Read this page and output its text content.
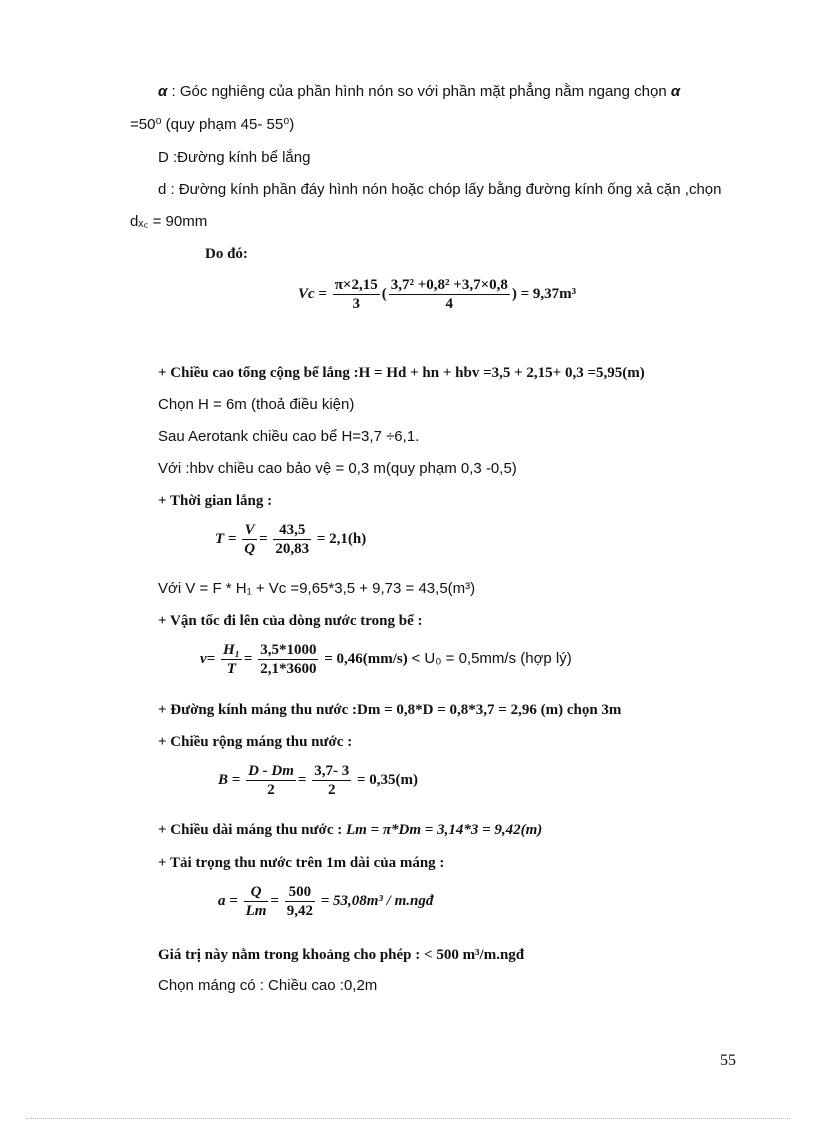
α : Góc nghiêng của phần hình nón so với phần mặt phẳng nằm ngang chọn α
=50⁰ (quy phạm 45- 55⁰)
D :Đường kính bể lắng
d : Đường kính phần đáy hình nón hoặc chóp lấy bằng đường kính ống xả cặn ,chọn
dₓ꜀ = 90mm
Do đó:
$Vc = \frac{\pi\times 2,15}{3}$ ( $\frac{\text{3,7² +0,8² +3,7×0,8}}{4}$ ) = 9,37m³
+ Chiều cao tổng cộng bể lắng :H = Hd + hn + hbv =3,5 + 2,15+ 0,3 =5,95(m)
Chọn H = 6m (thoả điều kiện)
Sau Aerotank chiều cao bể H=3,7 ÷6,1.
Với :hbv chiều cao bảo vệ = 0,3 m(quy phạm 0,3 -0,5)
+ Thời gian lắng :
$T = \frac{V}{Q} = \frac{43,5}{20,83} = 2,1(h)$
Với V = F * H₁ + Vc =9,65*3,5 + 9,73 = 43,5(m³)
+ Vận tốc đi lên của dòng nước trong bể :
$v= \frac{\text{H₁}}{T} = \frac{3,5*1000}{2,1*3600} = 0,46(mm/s) < U_0 = 0,5mm/s$ (hợp lý)
+ Đường kính máng thu nước :Dm = 0,8*D = 0,8*3,7 = 2,96 (m) chọn 3m
+ Chiều rộng máng thu nước :
$B = \frac{D - Dm}{2} = \frac{3,7- 3}{2} = 0,35(m)$
+ Chiều dài máng thu nước : Lm = π*Dm = 3,14*3 = 9,42(m)
+ Tải trọng thu nước trên 1m dài của máng :
$a = \frac{Q}{Lm} = \frac{500}{9,42} = 53,08m^3$ / m.ngđ
Giá trị này nằm trong khoảng cho phép : < 500 m³/m.ngđ
Chọn máng có : Chiều cao :0,2m
55
